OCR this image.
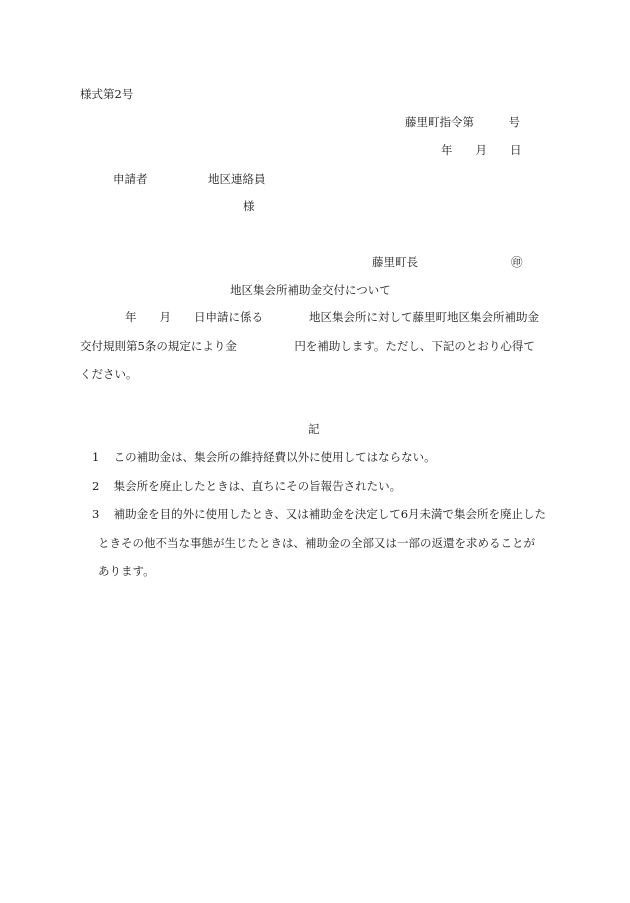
様式第2号
藤里町指令第　　　号
年　　月　　日
申請者	地区連絡員
様
藤里町長	㊞
地区集会所補助金交付について
年　　月　　日申請に係る　　　　地区集会所に対して藤里町地区集会所補助金
交付規則第5条の規定により金　　　　　円を補助します。ただし、下記のとおり心得て
ください。
記
1 この補助金は、集会所の維持経費以外に使用してはならない。
2 集会所を廃止したときは、直ちにその旨報告されたい。
3 補助金を目的外に使用したとき、又は補助金を決定して6月未満で集会所を廃止した
ときその他不当な事態が生じたときは、補助金の全部又は一部の返還を求めることが
あります。
